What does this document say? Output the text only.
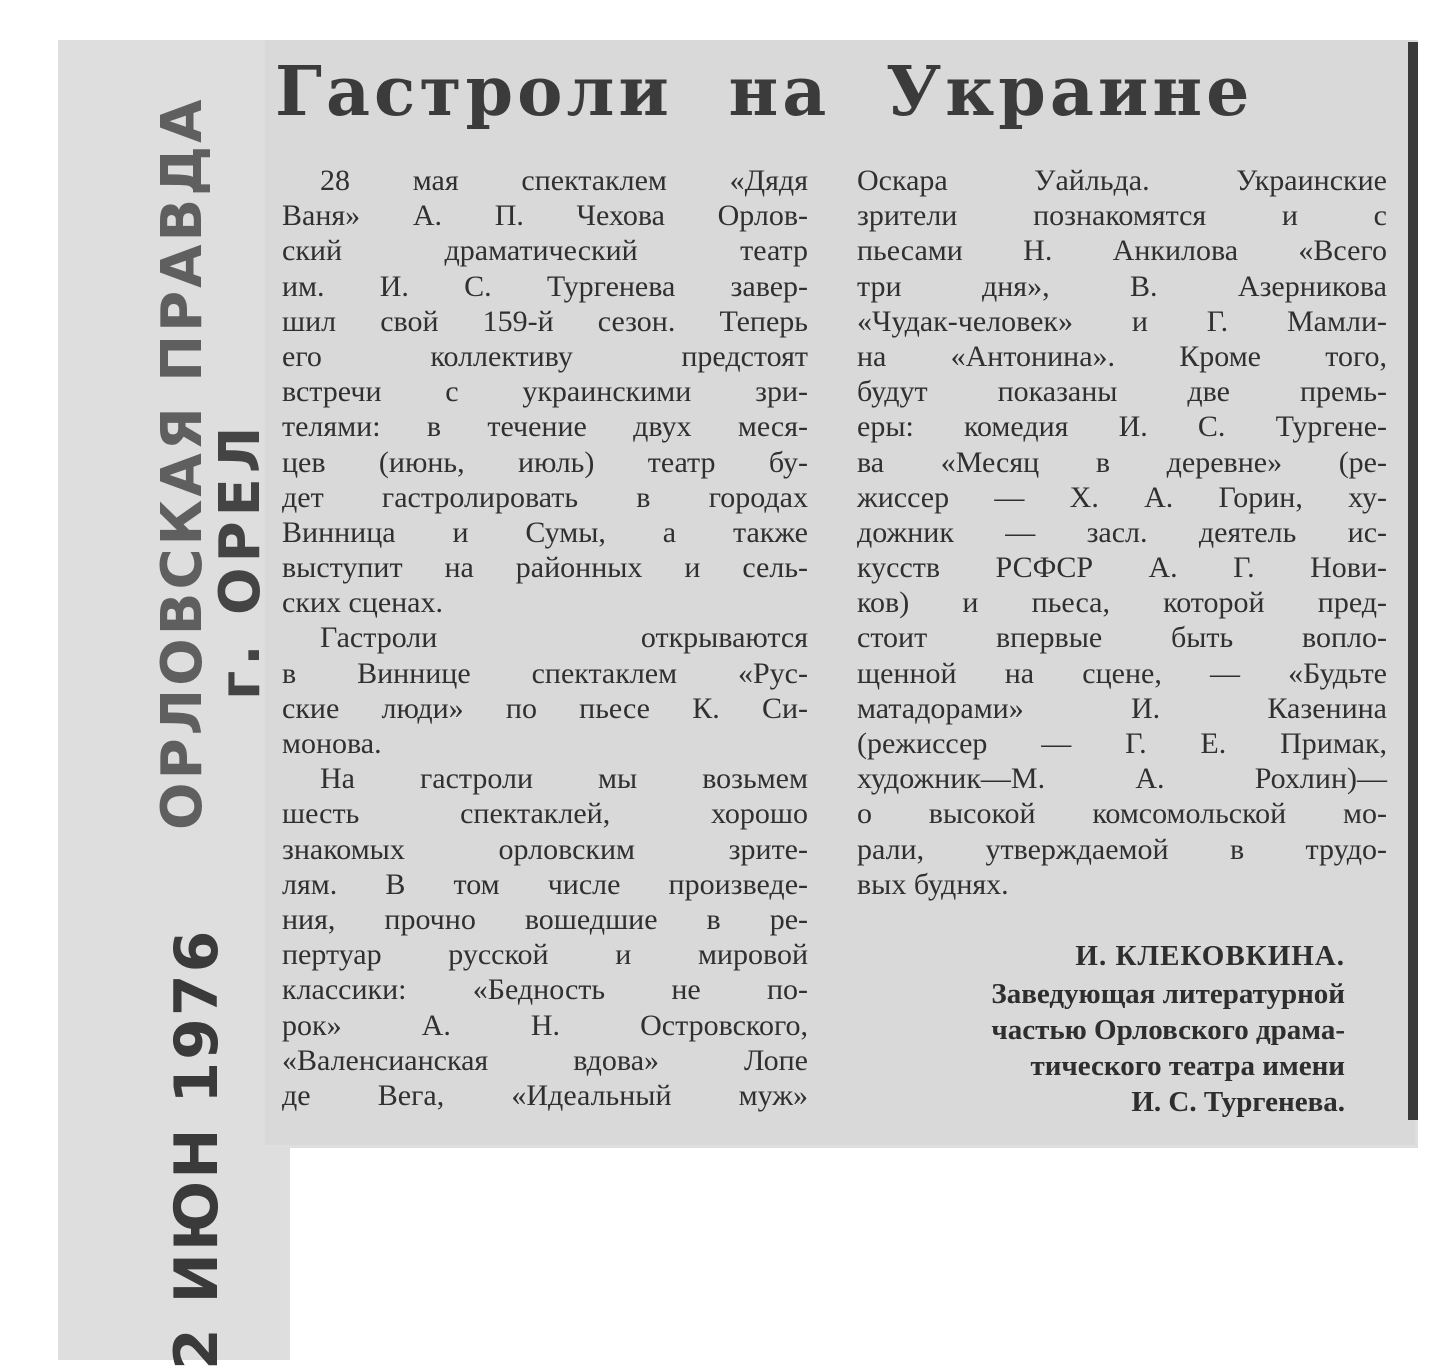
Гастроли на Украине
28 мая спектаклем «Дядя
Ваня» А. П. Чехова Орлов-
ский драматический театр
им. И. С. Тургенева завер-
шил свой 159-й сезон. Теперь
его коллективу предстоят
встречи с украинскими зри-
телями: в течение двух меся-
цев (июнь, июль) театр бу-
дет гастролировать в городах
Винница и Сумы, а также
выступит на районных и сель-
ских сценах.
Гастроли открываются
в Виннице спектаклем «Рус-
ские люди» по пьесе К. Си-
монова.
На гастроли мы возьмем
шесть спектаклей, хорошо
знакомых орловским зрите-
лям. В том числе произведе-
ния, прочно вошедшие в ре-
пертуар русской и мировой
классики: «Бедность не по-
рок» А. Н. Островского,
«Валенсианская вдова» Лопе
де Вега, «Идеальный муж»
Оскара Уайльда. Украинские
зрители познакомятся и с
пьесами Н. Анкилова «Всего
три дня», В. Азерникова
«Чудак-человек» и Г. Мамли-
на «Антонина». Кроме того,
будут показаны две премь-
еры: комедия И. С. Тургене-
ва «Месяц в деревне» (ре-
жиссер — Х. А. Горин, ху-
дожник — засл. деятель ис-
кусств РСФСР А. Г. Нови-
ков) и пьеса, которой пред-
стоит впервые быть вопло-
щенной на сцене, — «Будьте
матадорами» И. Казенина
(режиссер — Г. Е. Примак,
художник—М. А. Рохлин)—
о высокой комсомольской мо-
рали, утверждаемой в трудо-
вых буднях.
И. КЛЕКОВКИНА.
Заведующая литературной
частью Орловского драма-
тического театра имени
И. С. Тургенева.
ОРЛОВСКАЯ ПРАВДА
г. ОРЕЛ
2 ИЮН 1976
